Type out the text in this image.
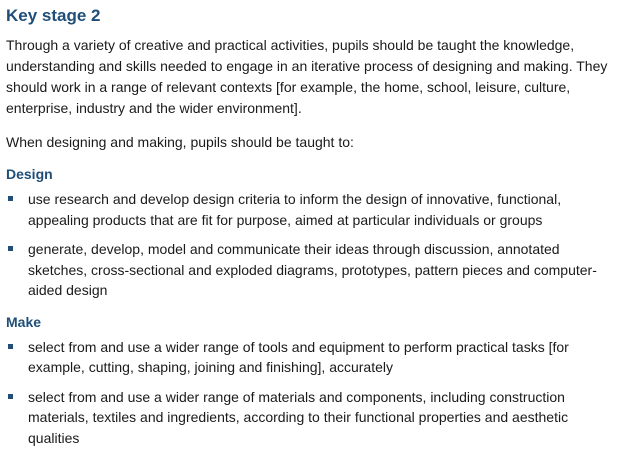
Key stage 2

Through a variety of creative and practical activities, pupils should be taught the knowledge, understanding and skills needed to engage in an iterative process of designing and making. They should work in a range of relevant contexts [for example, the home, school, leisure, culture, enterprise, industry and the wider environment].

When designing and making, pupils should be taught to:

Design
use research and develop design criteria to inform the design of innovative, functional, appealing products that are fit for purpose, aimed at particular individuals or groups
generate, develop, model and communicate their ideas through discussion, annotated sketches, cross-sectional and exploded diagrams, prototypes, pattern pieces and computer-aided design
Make
select from and use a wider range of tools and equipment to perform practical tasks [for example, cutting, shaping, joining and finishing], accurately
select from and use a wider range of materials and components, including construction materials, textiles and ingredients, according to their functional properties and aesthetic qualities
